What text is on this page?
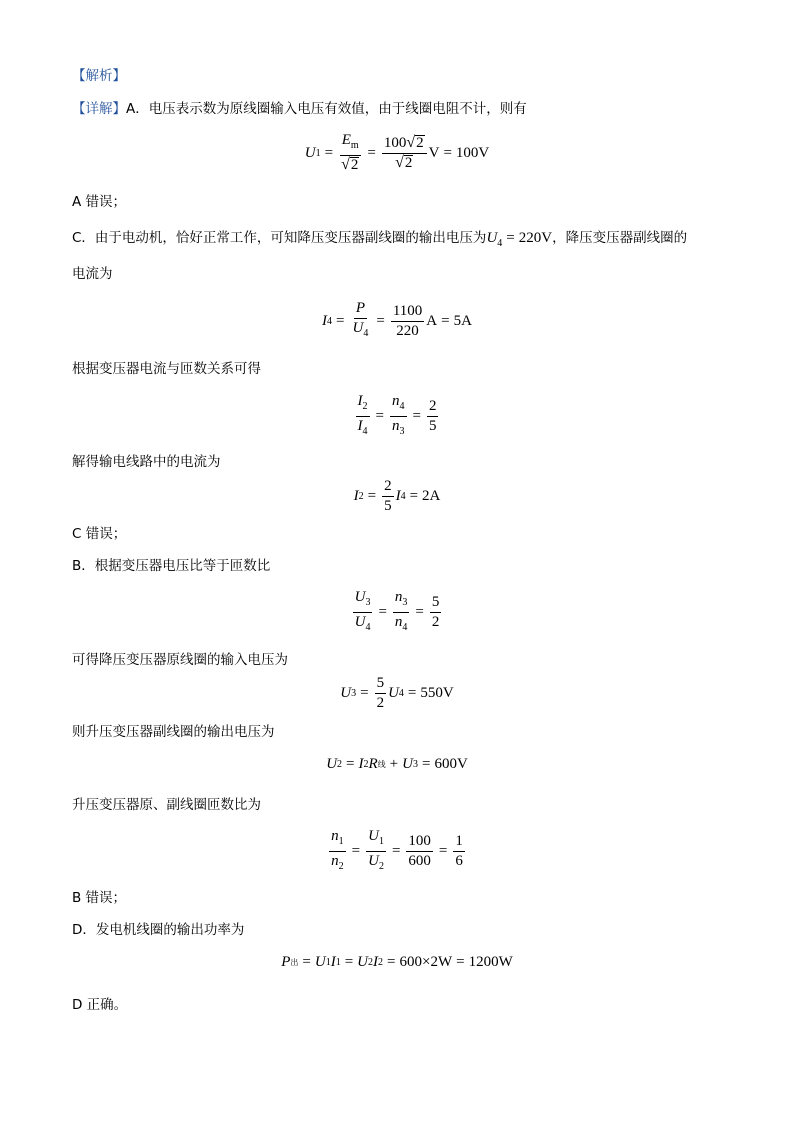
【解析】
【详解】A．电压表示数为原线圈输入电压有效值，由于线圈电阻不计，则有
U $1 = \frac{E_m}{√ 2} = \frac{100 √ 2}{√ 2}$ V = 100V
A 错误；
C．由于电动机，恰好正常工作，可知降压变压器副线圈的输出电压为$U_4 = 220V$，降压变压器副线圈的
电流为
I $4 = \frac{P}{U_4} = \frac{1100}{220}$ A = 5A
根据变压器电流与匝数关系可得
$\frac{I_2}{I_4} = \frac{n_4}{n_3} = \frac{2}{5}$
解得输电线路中的电流为
I $2 = \frac{2}{5}$ I 4 = 2A
C 错误；
B．根据变压器电压比等于匝数比
$\frac{U_3}{U_4} = \frac{n_3}{n_4} = \frac{5}{2}$
可得降压变压器原线圈的输入电压为
U $3 = \frac{5}{2}$ U 4 = 550V
则升压变压器副线圈的输出电压为
U 2 = I 2 R 线 + U 3 = 600V
升压变压器原、副线圈匝数比为
$\frac{n_1}{n_2} = \frac{U_1}{U_2} = \frac{100}{600} = \frac{1}{6}$
B 错误；
D．发电机线圈的输出功率为
P 出 = U 1 I 1 = U 2 I 2 = 600 × 2 W = 1200W
D 正确。
